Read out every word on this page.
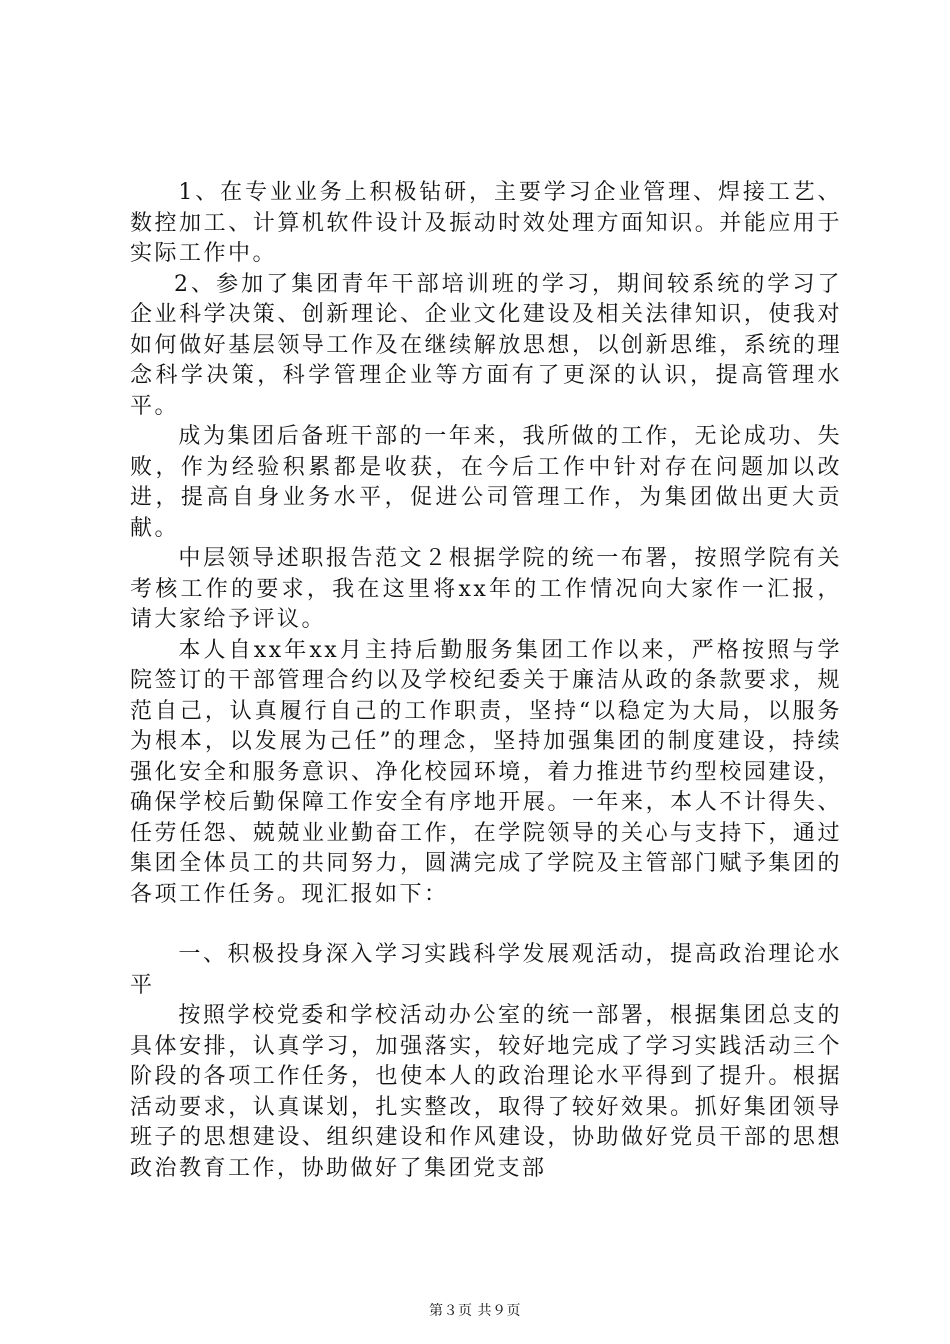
1、在专业业务上积极钻研，主要学习企业管理、焊接工艺、数控加工、计算机软件设计及振动时效处理方面知识。并能应用于实际工作中。

2、参加了集团青年干部培训班的学习，期间较系统的学习了企业科学决策、创新理论、企业文化建设及相关法律知识，使我对如何做好基层领导工作及在继续解放思想，以创新思维，系统的理念科学决策，科学管理企业等方面有了更深的认识，提高管理水平。

成为集团后备班干部的一年来，我所做的工作，无论成功、失败，作为经验积累都是收获，在今后工作中针对存在问题加以改进，提高自身业务水平，促进公司管理工作，为集团做出更大贡献。

中层领导述职报告范文２根据学院的统一布署，按照学院有关考核工作的要求，我在这里将xx年的工作情况向大家作一汇报，请大家给予评议。

本人自xx年xx月主持后勤服务集团工作以来，严格按照与学院签订的干部管理合约以及学校纪委关于廉洁从政的条款要求，规范自己，认真履行自己的工作职责，坚持“以稳定为大局，以服务为根本，以发展为己任”的理念，坚持加强集团的制度建设，持续强化安全和服务意识、净化校园环境，着力推进节约型校园建设，确保学校后勤保障工作安全有序地开展。一年来，本人不计得失、任劳任怨、兢兢业业勤奋工作，在学院领导的关心与支持下，通过集团全体员工的共同努力，圆满完成了学院及主管部门赋予集团的各项工作任务。现汇报如下：

一、积极投身深入学习实践科学发展观活动，提高政治理论水平

按照学校党委和学校活动办公室的统一部署，根据集团总支的具体安排，认真学习，加强落实，较好地完成了学习实践活动三个阶段的各项工作任务，也使本人的政治理论水平得到了提升。根据活动要求，认真谋划，扎实整改，取得了较好效果。抓好集团领导班子的思想建设、组织建设和作风建设，协助做好党员干部的思想政治教育工作，协助做好了集团党支部

第３页 共９页
